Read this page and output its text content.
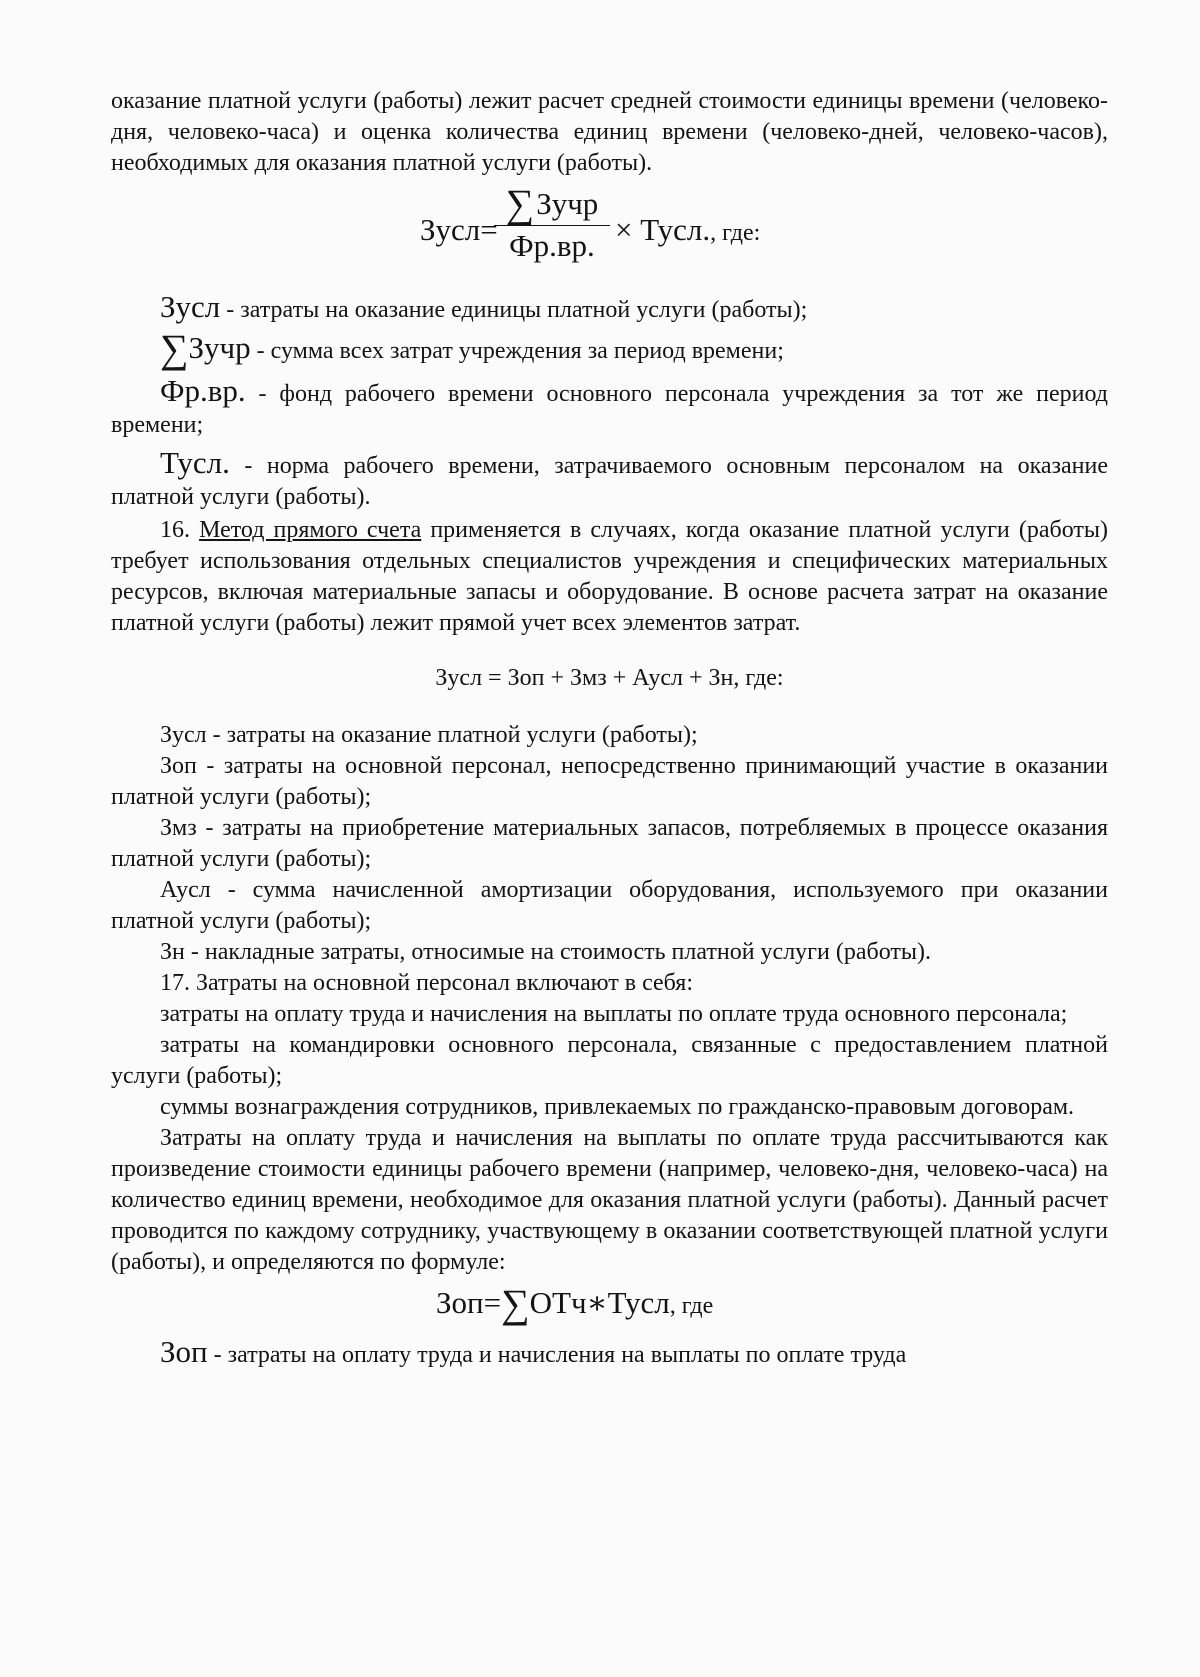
оказание платной услуги (работы) лежит расчет средней стоимости единицы времени (человеко-дня, человеко-часа) и оценка количества единиц времени (человеко-дней, человеко-часов), необходимых для оказания платной услуги (работы).

Зусл=
∑Зучр
Фр.вр. × Тусл., где:

Зусл - затраты на оказание единицы платной услуги (работы);

∑Зучр - сумма всех затрат учреждения за период времени;

Фр.вр. - фонд рабочего времени основного персонала учреждения за тот же период времени;

Тусл. - норма рабочего времени, затрачиваемого основным персоналом на оказание платной услуги (работы).

16. Метод прямого счета применяется в случаях, когда оказание платной услуги (работы) требует использования отдельных специалистов учреждения и специфических материальных ресурсов, включая материальные запасы и оборудование. В основе расчета затрат на оказание платной услуги (работы) лежит прямой учет всех элементов затрат.

Зусл = Зоп + Змз + Аусл + Зн, где:

Зусл - затраты на оказание платной услуги (работы);

Зоп - затраты на основной персонал, непосредственно принимающий участие в оказании платной услуги (работы);

Змз - затраты на приобретение материальных запасов, потребляемых в процессе оказания платной услуги (работы);

Аусл - сумма начисленной амортизации оборудования, используемого при оказании платной услуги (работы);

Зн - накладные затраты, относимые на стоимость платной услуги (работы).

17. Затраты на основной персонал включают в себя:

затраты на оплату труда и начисления на выплаты по оплате труда основного персонала;

затраты на командировки основного персонала, связанные с предоставлением платной услуги (работы);

суммы вознаграждения сотрудников, привлекаемых по гражданско-правовым договорам.

Затраты на оплату труда и начисления на выплаты по оплате труда рассчитываются как произведение стоимости единицы рабочего времени (например, человеко-дня, человеко-часа) на количество единиц времени, необходимое для оказания платной услуги (работы). Данный расчет проводится по каждому сотруднику, участвующему в оказании соответствующей платной услуги (работы), и определяются по формуле:

Зоп=∑ОТч∗Тусл, где

Зоп - затраты на оплату труда и начисления на выплаты по оплате труда
